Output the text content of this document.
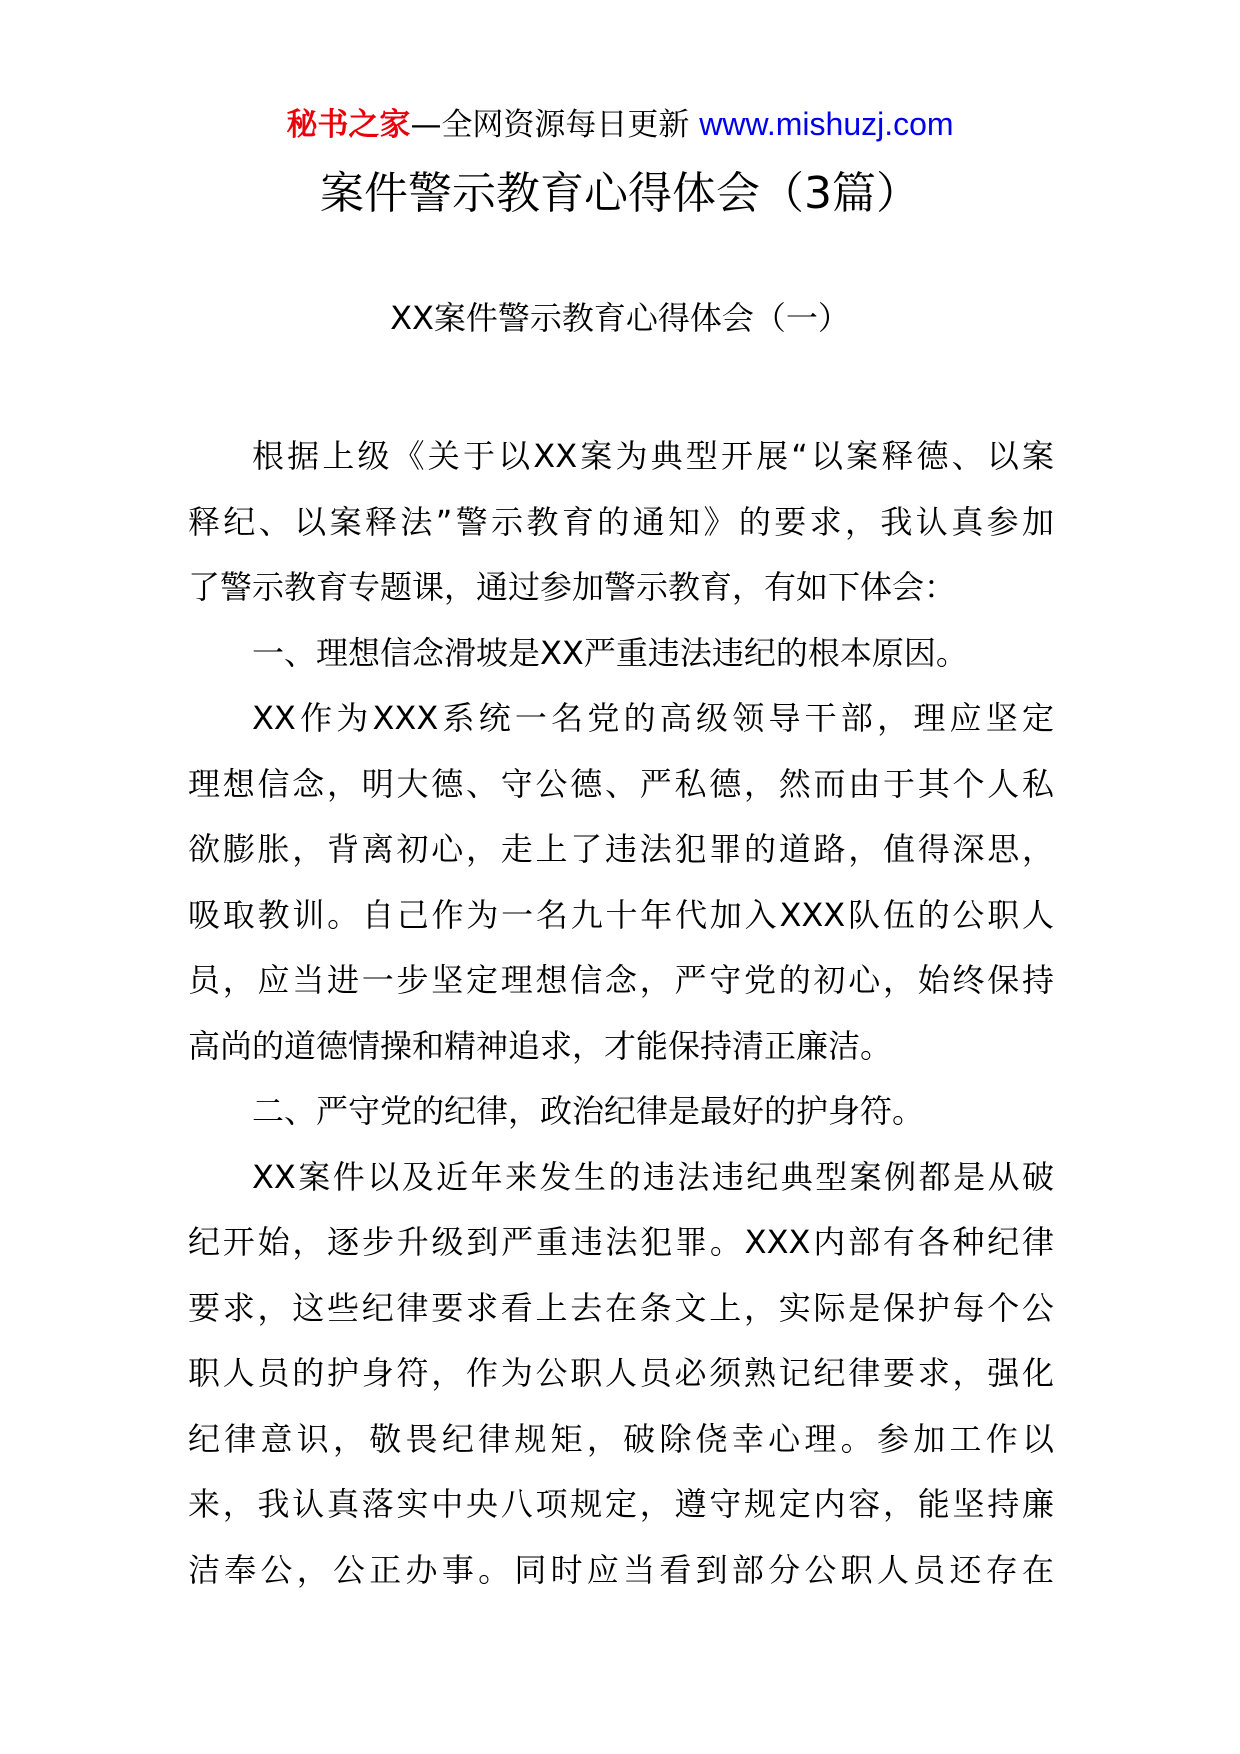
秘书之家—全网资源每日更新 www.mishuzj.com
案件警示教育心得体会（3篇）
XX案件警示教育心得体会（一）
根据上级《关于以XX案为典型开展“以案释德、以案
释纪、以案释法”警示教育的通知》的要求，我认真参加
了警示教育专题课，通过参加警示教育，有如下体会：
一、理想信念滑坡是XX严重违法违纪的根本原因。
XX作为XXX系统一名党的高级领导干部，理应坚定
理想信念，明大德、守公德、严私德，然而由于其个人私
欲膨胀，背离初心，走上了违法犯罪的道路，值得深思，
吸取教训。自己作为一名九十年代加入XXX队伍的公职人
员，应当进一步坚定理想信念，严守党的初心，始终保持
高尚的道德情操和精神追求，才能保持清正廉洁。
二、严守党的纪律，政治纪律是最好的护身符。
XX案件以及近年来发生的违法违纪典型案例都是从破
纪开始，逐步升级到严重违法犯罪。XXX内部有各种纪律
要求，这些纪律要求看上去在条文上，实际是保护每个公
职人员的护身符，作为公职人员必须熟记纪律要求，强化
纪律意识，敬畏纪律规矩，破除侥幸心理。参加工作以
来，我认真落实中央八项规定，遵守规定内容，能坚持廉
洁奉公，公正办事。同时应当看到部分公职人员还存在
